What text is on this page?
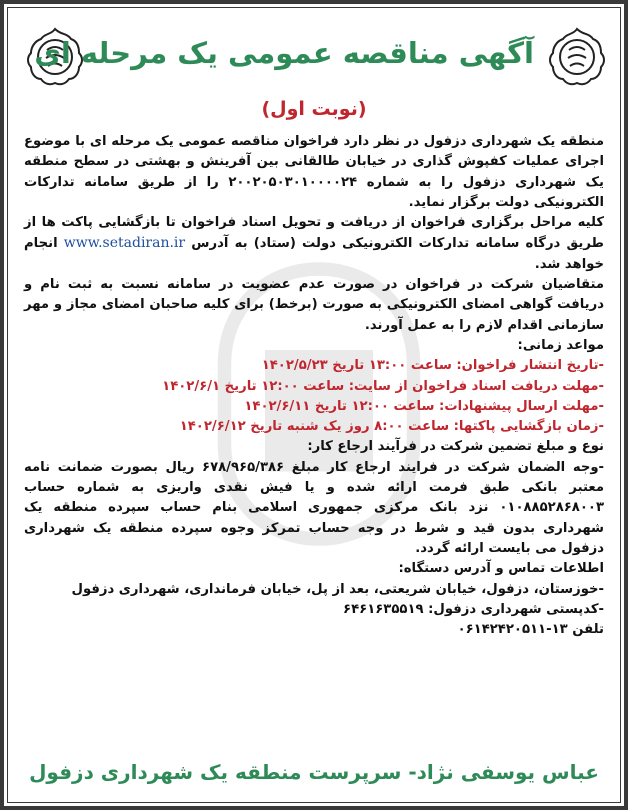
آگهی مناقصه عمومی یک مرحله ای
(نوبت اول)

منطقه یک شهرداری دزفول در نظر دارد فراخوان مناقصه عمومی یک مرحله ای با موضوع اجرای عملیات کفپوش گذاری در خیابان طالقانی بین آفرینش و بهشتی در سطح منطقه یک شهرداری دزفول را به شماره ۲۰۰۲۰۵۰۳۰۱۰۰۰۰۲۴ را از طریق سامانه تدارکات الکترونیکی دولت برگزار نماید.

کلیه مراحل برگزاری فراخوان از دریافت و تحویل اسناد فراخوان تا بازگشایی پاکت ها از طریق درگاه سامانه تدارکات الکترونیکی دولت (ستاد) به آدرس www.setadiran.ir انجام خواهد شد.

متقاضیان شرکت در فراخوان در صورت عدم عضویت در سامانه نسبت به ثبت نام و دریافت گواهی امضای الکترونیکی به صورت (برخط) برای کلیه صاحبان امضای مجاز و مهر سازمانی اقدام لازم را به عمل آورند.

مواعد زمانی:

-تاریخ انتشار فراخوان: ساعت ۱۳:۰۰ تاریخ ۱۴۰۲/۵/۲۳

-مهلت دریافت اسناد فراخوان از سایت: ساعت ۱۲:۰۰ تاریخ ۱۴۰۲/۶/۱

-مهلت ارسال پیشنهادات: ساعت ۱۲:۰۰ تاریخ ۱۴۰۲/۶/۱۱

-زمان بازگشایی پاکتها: ساعت ۸:۰۰ روز یک شنبه تاریخ ۱۴۰۲/۶/۱۲

نوع و مبلغ تضمین شرکت در فرآیند ارجاع کار:

-وجه الضمان شرکت در فرایند ارجاع کار مبلغ ۶۷۸/۹۶۵/۳۸۶ ریال بصورت ضمانت نامه معتبر بانکی طبق فرمت ارائه شده و یا فیش نقدی واریزی به شماره حساب ۰۱۰۸۸۵۲۸۶۸۰۰۳ نزد بانک مرکزی جمهوری اسلامی بنام حساب سپرده منطقه یک شهرداری بدون قید و شرط در وجه حساب تمرکز وجوه سپرده منطقه یک شهرداری دزفول می بایست ارائه گردد.

اطلاعات تماس و آدرس دستگاه:

-خوزستان، دزفول، خیابان شریعتی، بعد از پل، خیابان فرمانداری، شهرداری دزفول

-کدپستی شهرداری دزفول: ۶۴۶۱۶۳۵۵۱۹

تلفن ۱۳-۰۶۱۴۲۴۲۰۵۱۱

عباس یوسفی نژاد- سرپرست منطقه یک شهرداری دزفول
